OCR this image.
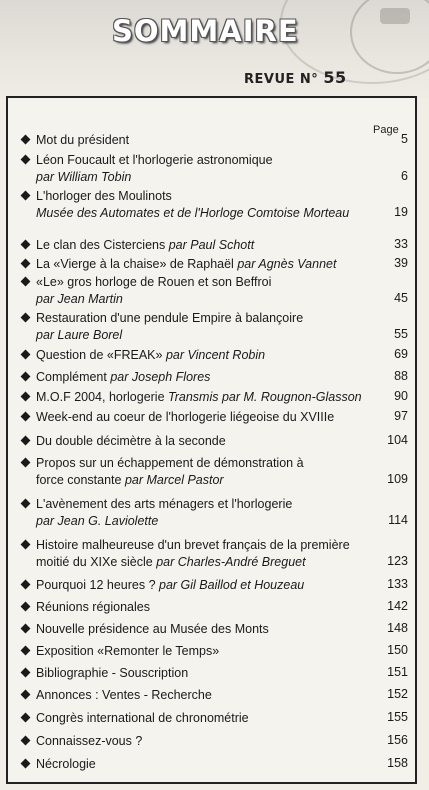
SOMMAIRE
REVUE N° 55
Page
Mot du président
Léon Foucault et l'horlogerie astronomique
par William Tobin
L'horloger des Moulinots
Musée des Automates et de l'Horloge Comtoise Morteau
Le clan des Cisterciens par Paul Schott
La «Vierge à la chaise» de Raphaël par Agnès Vannet
«Le» gros horloge de Rouen et son Beffroi
par Jean Martin
Restauration d'une pendule Empire à balançoire
par Laure Borel
Question de «FREAK» par Vincent Robin
Complément par Joseph Flores
M.O.F 2004, horlogerie Transmis par M. Rougnon-Glasson
Week-end au coeur de l'horlogerie liégeoise du XVIIIe
Du double décimètre à la seconde
Propos sur un échappement de démonstration à
force constante par Marcel Pastor
L'avènement des arts ménagers et l'horlogerie
par Jean G. Laviolette
Histoire malheureuse d'un brevet français de la première
moitié du XIXe siècle par Charles-André Breguet
Pourquoi 12 heures ? par Gil Baillod et Houzeau
Réunions régionales
Nouvelle présidence au Musée des Monts
Exposition «Remonter le Temps»
Bibliographie - Souscription
Annonces : Ventes - Recherche
Congrès international de chronométrie
Connaissez-vous ?
Nécrologie
5
6
19
33
39
45
55
69
88
90
97
104
109
114
123
133
142
148
150
151
152
155
156
158
